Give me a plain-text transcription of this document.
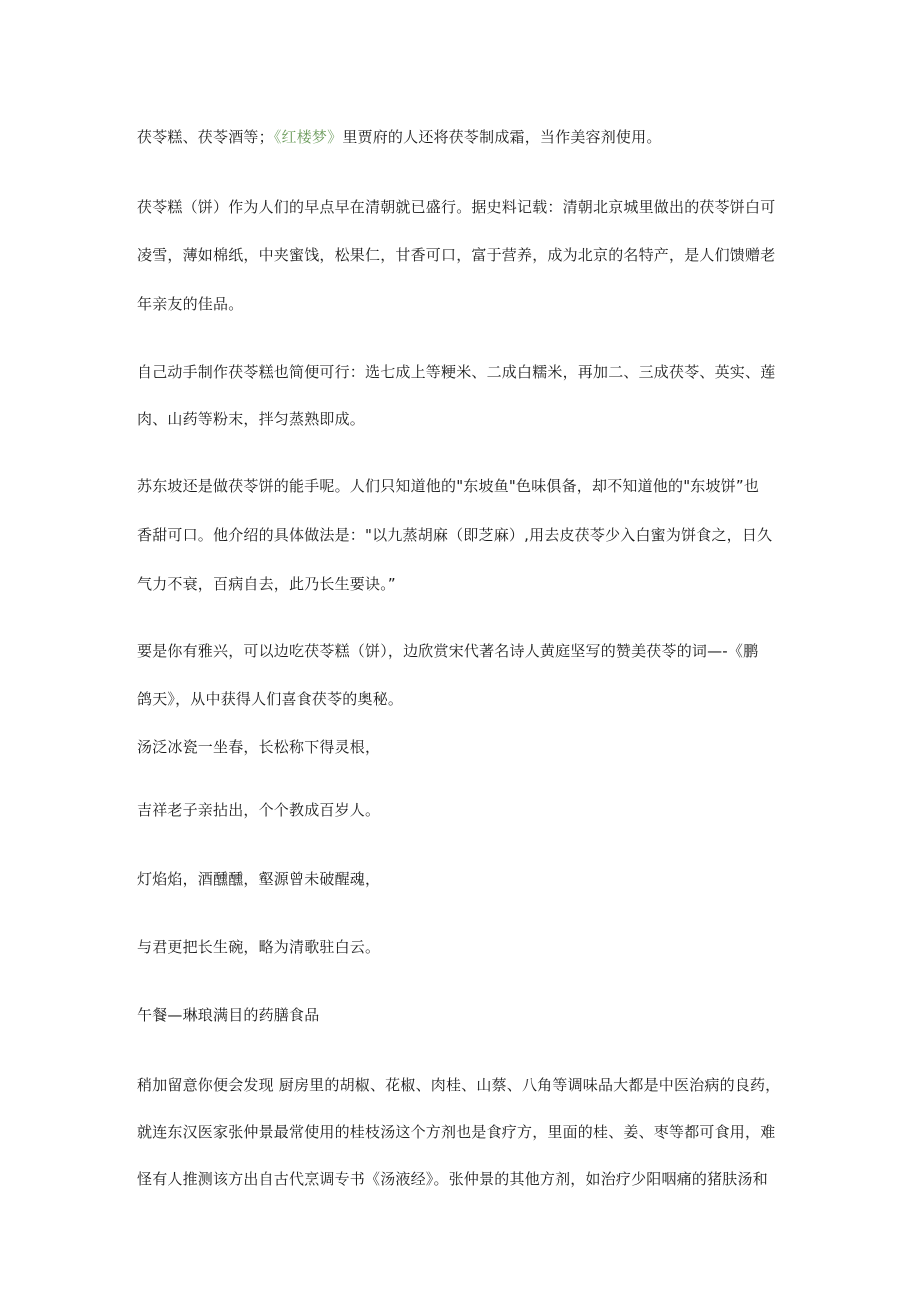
茯苓糕、茯苓酒等；《红楼梦》里贾府的人还将茯苓制成霜，当作美容剂使用。
茯苓糕（饼）作为人们的早点早在清朝就已盛行。据史料记载：清朝北京城里做出的茯苓饼白可
凌雪，薄如棉纸，中夹蜜饯，松果仁，甘香可口，富于营养，成为北京的名特产，是人们馈赠老
年亲友的佳品。
自己动手制作茯苓糕也简便可行：选七成上等粳米、二成白糯米，再加二、三成茯苓、英实、莲
肉、山药等粉末，拌匀蒸熟即成。
苏东坡还是做茯苓饼的能手呢。人们只知道他的"东坡鱼"色味俱备，却不知道他的"东坡饼”也
香甜可口。他介绍的具体做法是："以九蒸胡麻（即芝麻）,用去皮茯苓少入白蜜为饼食之，日久
气力不衰，百病自去，此乃长生要诀。”
要是你有雅兴，可以边吃茯苓糕（饼），边欣赏宋代著名诗人黄庭坚写的赞美茯苓的词—-《鹏
鸽天》，从中获得人们喜食茯苓的奥秘。
汤泛冰瓷一坐春，长松称下得灵根，
吉祥老子亲拈出，个个教成百岁人。
灯焰焰，酒醺醺，壑源曾未破醒魂，
与君更把长生碗，略为清歌驻白云。
午餐—琳琅满目的药膳食品
稍加留意你便会发现 厨房里的胡椒、花椒、肉桂、山蔡、八角等调味品大都是中医治病的良药，
就连东汉医家张仲景最常使用的桂枝汤这个方剂也是食疗方，里面的桂、姜、枣等都可食用，难
怪有人推测该方出自古代烹调专书《汤液经》。张仲景的其他方剂，如治疗少阳咽痛的猪肤汤和
